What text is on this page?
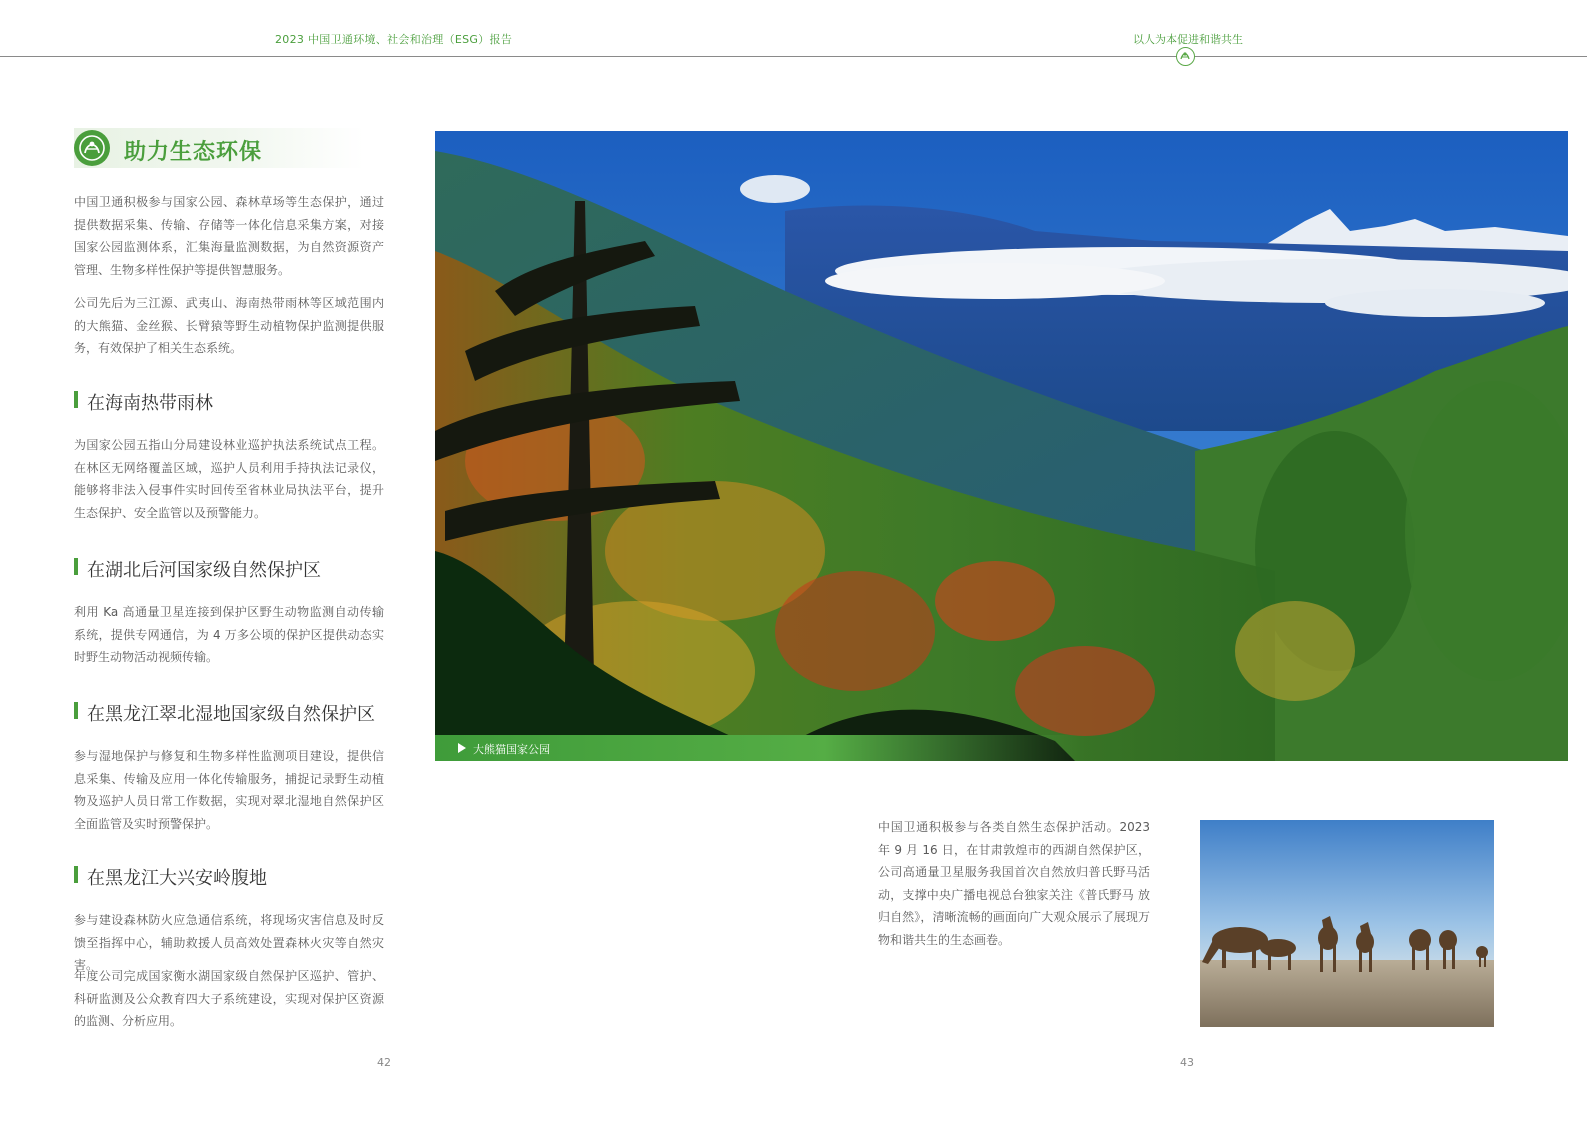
2023 中国卫通环境、社会和治理（ESG）报告	以人为本促进和谐共生
助力生态环保
中国卫通积极参与国家公园、森林草场等生态保护，通过提供数据采集、传输、存储等一体化信息采集方案，对接国家公园监测体系，汇集海量监测数据，为自然资源资产管理、生物多样性保护等提供智慧服务。
公司先后为三江源、武夷山、海南热带雨林等区域范围内的大熊猫、金丝猴、长臂猿等野生动植物保护监测提供服务，有效保护了相关生态系统。
在海南热带雨林
为国家公园五指山分局建设林业巡护执法系统试点工程。在林区无网络覆盖区域，巡护人员利用手持执法记录仪，能够将非法入侵事件实时回传至省林业局执法平台，提升生态保护、安全监管以及预警能力。
在湖北后河国家级自然保护区
利用 Ka 高通量卫星连接到保护区野生动物监测自动传输系统，提供专网通信，为 4 万多公顷的保护区提供动态实时野生动物活动视频传输。
在黑龙江翠北湿地国家级自然保护区
参与湿地保护与修复和生物多样性监测项目建设，提供信息采集、传输及应用一体化传输服务，捕捉记录野生动植物及巡护人员日常工作数据，实现对翠北湿地自然保护区全面监管及实时预警保护。
在黑龙江大兴安岭腹地
参与建设森林防火应急通信系统，将现场灾害信息及时反馈至指挥中心，辅助救援人员高效处置森林火灾等自然灾害。
年度公司完成国家衡水湖国家级自然保护区巡护、管护、科研监测及公众教育四大子系统建设，实现对保护区资源的监测、分析应用。
42
大熊猫国家公园
中国卫通积极参与各类自然生态保护活动。2023 年 9 月 16 日，在甘肃敦煌市的西湖自然保护区，公司高通量卫星服务我国首次自然放归普氏野马活动，支撑中央广播电视总台独家关注《普氏野马 放归自然》，清晰流畅的画面向广大观众展示了展现万物和谐共生的生态画卷。
43
